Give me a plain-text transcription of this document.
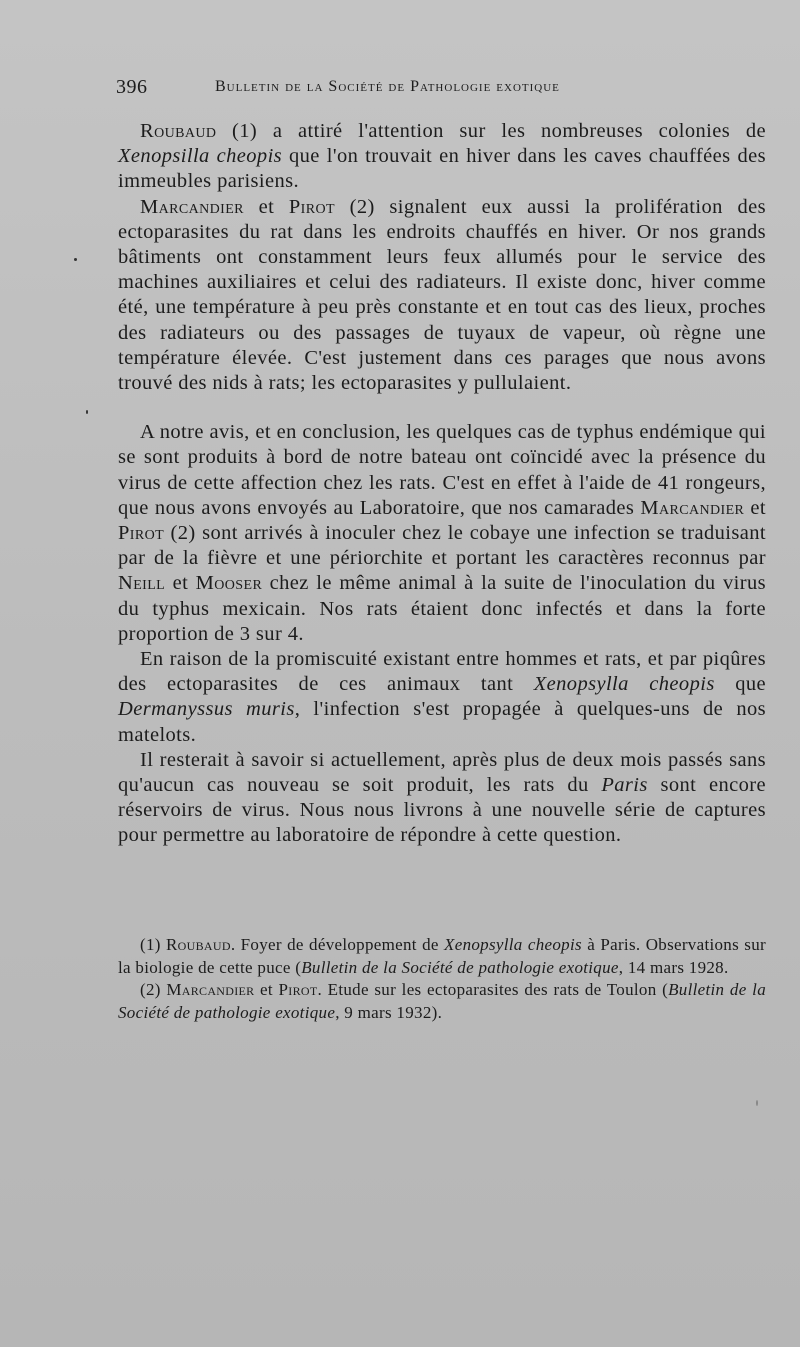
396	Bulletin de la Société de Pathologie exotique

Roubaud (1) a attiré l'attention sur les nombreuses colonies de Xenopsilla cheopis que l'on trouvait en hiver dans les caves chauffées des immeubles parisiens.

Marcandier et Pirot (2) signalent eux aussi la prolifération des ectoparasites du rat dans les endroits chauffés en hiver. Or nos grands bâtiments ont constamment leurs feux allumés pour le service des machines auxiliaires et celui des radiateurs. Il existe donc, hiver comme été, une température à peu près constante et en tout cas des lieux, proches des radiateurs ou des passages de tuyaux de vapeur, où règne une température élevée. C'est justement dans ces parages que nous avons trouvé des nids à rats; les ectoparasites y pullulaient.

A notre avis, et en conclusion, les quelques cas de typhus endémique qui se sont produits à bord de notre bateau ont coïncidé avec la présence du virus de cette affection chez les rats. C'est en effet à l'aide de 41 rongeurs, que nous avons envoyés au Laboratoire, que nos camarades Marcandier et Pirot (2) sont arrivés à inoculer chez le cobaye une infection se traduisant par de la fièvre et une périorchite et portant les caractères reconnus par Neill et Mooser chez le même animal à la suite de l'inoculation du virus du typhus mexicain. Nos rats étaient donc infectés et dans la forte proportion de 3 sur 4.

En raison de la promiscuité existant entre hommes et rats, et par piqûres des ectoparasites de ces animaux tant Xenopsylla cheopis que Dermanyssus muris, l'infection s'est propagée à quelques-uns de nos matelots.

Il resterait à savoir si actuellement, après plus de deux mois passés sans qu'aucun cas nouveau se soit produit, les rats du Paris sont encore réservoirs de virus. Nous nous livrons à une nouvelle série de captures pour permettre au laboratoire de répondre à cette question.

(1) Roubaud. Foyer de développement de Xenopsylla cheopis à Paris. Observations sur la biologie de cette puce (Bulletin de la Société de pathologie exotique, 14 mars 1928.

(2) Marcandier et Pirot. Etude sur les ectoparasites des rats de Toulon (Bulletin de la Société de pathologie exotique, 9 mars 1932).
